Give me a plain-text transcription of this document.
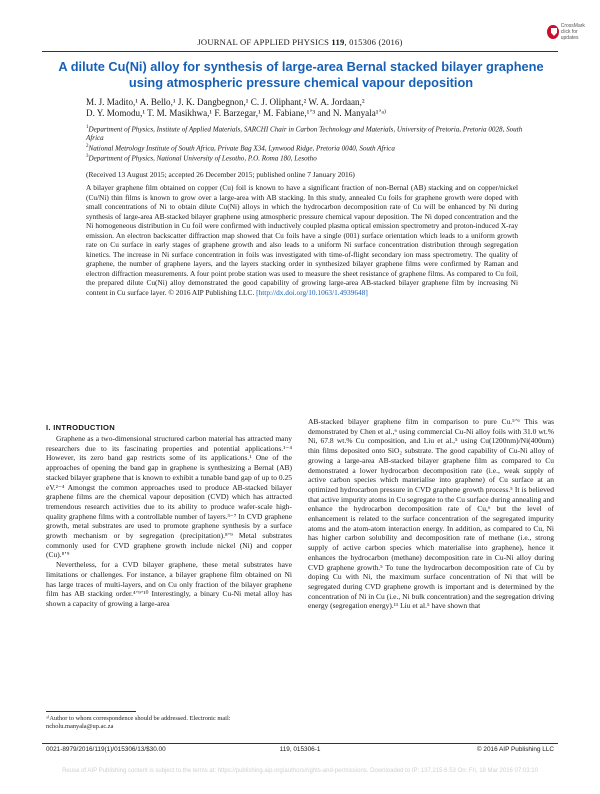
CrossMark
click for updates
JOURNAL OF APPLIED PHYSICS 119, 015306 (2016)
A dilute Cu(Ni) alloy for synthesis of large-area Bernal stacked bilayer graphene using atmospheric pressure chemical vapour deposition
M. J. Madito,¹ A. Bello,¹ J. K. Dangbegnon,¹ C. J. Oliphant,² W. A. Jordaan,²
D. Y. Momodu,¹ T. M. Masikhwa,¹ F. Barzegar,¹ M. Fabiane,¹ʼ³ and N. Manyala¹ʼᵃ⁾
$^1$Department of Physics, Institute of Applied Materials, SARCHI Chair in Carbon Technology and Materials, University of Pretoria, Pretoria 0028, South Africa
$^2$National Metrology Institute of South Africa, Private Bag X34, Lynwood Ridge, Pretoria 0040, South Africa
$^3$Department of Physics, National University of Lesotho, P.O. Roma 180, Lesotho
(Received 13 August 2015; accepted 26 December 2015; published online 7 January 2016)
A bilayer graphene film obtained on copper (Cu) foil is known to have a significant fraction of non-Bernal (AB) stacking and on copper/nickel (Cu/Ni) thin films is known to grow over a large-area with AB stacking. In this study, annealed Cu foils for graphene growth were doped with small concentrations of Ni to obtain dilute Cu(Ni) alloys in which the hydrocarbon decomposition rate of Cu will be enhanced by Ni during synthesis of large-area AB-stacked bilayer graphene using atmospheric pressure chemical vapour deposition. The Ni doped concentration and the Ni homogeneous distribution in Cu foil were confirmed with inductively coupled plasma optical emission spectrometry and proton-induced X-ray emission. An electron backscatter diffraction map showed that Cu foils have a single (001) surface orientation which leads to a uniform growth rate on Cu surface in early stages of graphene growth and also leads to a uniform Ni surface concentration distribution through segregation kinetics. The increase in Ni surface concentration in foils was investigated with time-of-flight secondary ion mass spectrometry. The quality of graphene, the number of graphene layers, and the layers stacking order in synthesized bilayer graphene films were confirmed by Raman and electron diffraction measurements. A four point probe station was used to measure the sheet resistance of graphene films. As compared to Cu foil, the prepared dilute Cu(Ni) alloy demonstrated the good capability of growing large-area AB-stacked bilayer graphene film by increasing Ni content in Cu surface layer. © 2016 AIP Publishing LLC. [http://dx.doi.org/10.1063/1.4939648]
I. INTRODUCTION

Graphene as a two-dimensional structured carbon material has attracted many researchers due to its fascinating properties and potential applications.¹⁻⁴ However, its zero band gap restricts some of its applications.¹ One of the approaches of opening the band gap in graphene is synthesizing a Bernal (AB) stacked bilayer graphene that is known to exhibit a tunable band gap of up to 0.25 eV.²⁻⁴ Amongst the common approaches used to produce AB-stacked bilayer graphene films are the chemical vapour deposition (CVD) which has attracted tremendous research activities due to its ability to produce wafer-scale high-quality graphene films with a controllable number of layers.³⁻⁷ In CVD graphene growth, metal substrates are used to promote graphene synthesis by a surface growth mechanism or by segregation (precipitation).⁸ʼ⁹ Metal substrates commonly used for CVD graphene growth include nickel (Ni) and copper (Cu).⁸ʼ⁹

Nevertheless, for a CVD bilayer graphene, these metal substrates have limitations or challenges. For instance, a bilayer graphene film obtained on Ni has large traces of multi-layers, and on Cu only fraction of the bilayer graphene film has AB stacking order.⁴ʼ⁹ʼ¹⁰ Interestingly, a binary Cu-Ni metal alloy has shown a capacity of growing a large-area

AB-stacked bilayer graphene film in comparison to pure Cu.⁵ʼ⁶ This was demonstrated by Chen et al.,⁶ using commercial Cu-Ni alloy foils with 31.0 wt.% Ni, 67.8 wt.% Cu composition, and Liu et al.,⁵ using Cu(1200nm)/Ni(400nm) thin films deposited onto SiO₂ substrate. The good capability of Cu-Ni alloy of growing a large-area AB-stacked bilayer graphene film as compared to Cu demonstrated a lower hydrocarbon decomposition rate (i.e., weak supply of active carbon species which materialise into graphene) of Cu surface at an optimized hydrocarbon pressure in CVD graphene growth process.⁵ It is believed that active impurity atoms in Cu segregate to the Cu surface during annealing and enhance the hydrocarbon decomposition rate of Cu,⁶ but the level of enhancement is related to the surface concentration of the segregated impurity atoms and the atom-atom interaction energy. In addition, as compared to Cu, Ni has higher carbon solubility and decomposition rate of methane (i.e., strong supply of active carbon species which materialise into graphene), hence it enhances the hydrocarbon (methane) decomposition rate in Cu-Ni alloy during CVD graphene growth.⁵ To tune the hydrocarbon decomposition rate of Cu by doping Cu with Ni, the maximum surface concentration of Ni that will be segregated during CVD graphene growth is important and is determined by the concentration of Ni in Cu (i.e., Ni bulk concentration) and the segregation driving energy (segregation energy).¹¹ Liu et al.⁵ have shown that

ᵃ⁾Author to whom correspondence should be addressed. Electronic mail: ncholu.manyala@up.ac.za
0021-8979/2016/119(1)/015306/13/$30.00	119, 015306-1	© 2016 AIP Publishing LLC
Reuse of AIP Publishing content is subject to the terms at: https://publishing.aip.org/authors/rights-and-permissions. Downloaded to IP: 137.215.6.53 On: Fri, 18 Mar 2016 07:03:10
